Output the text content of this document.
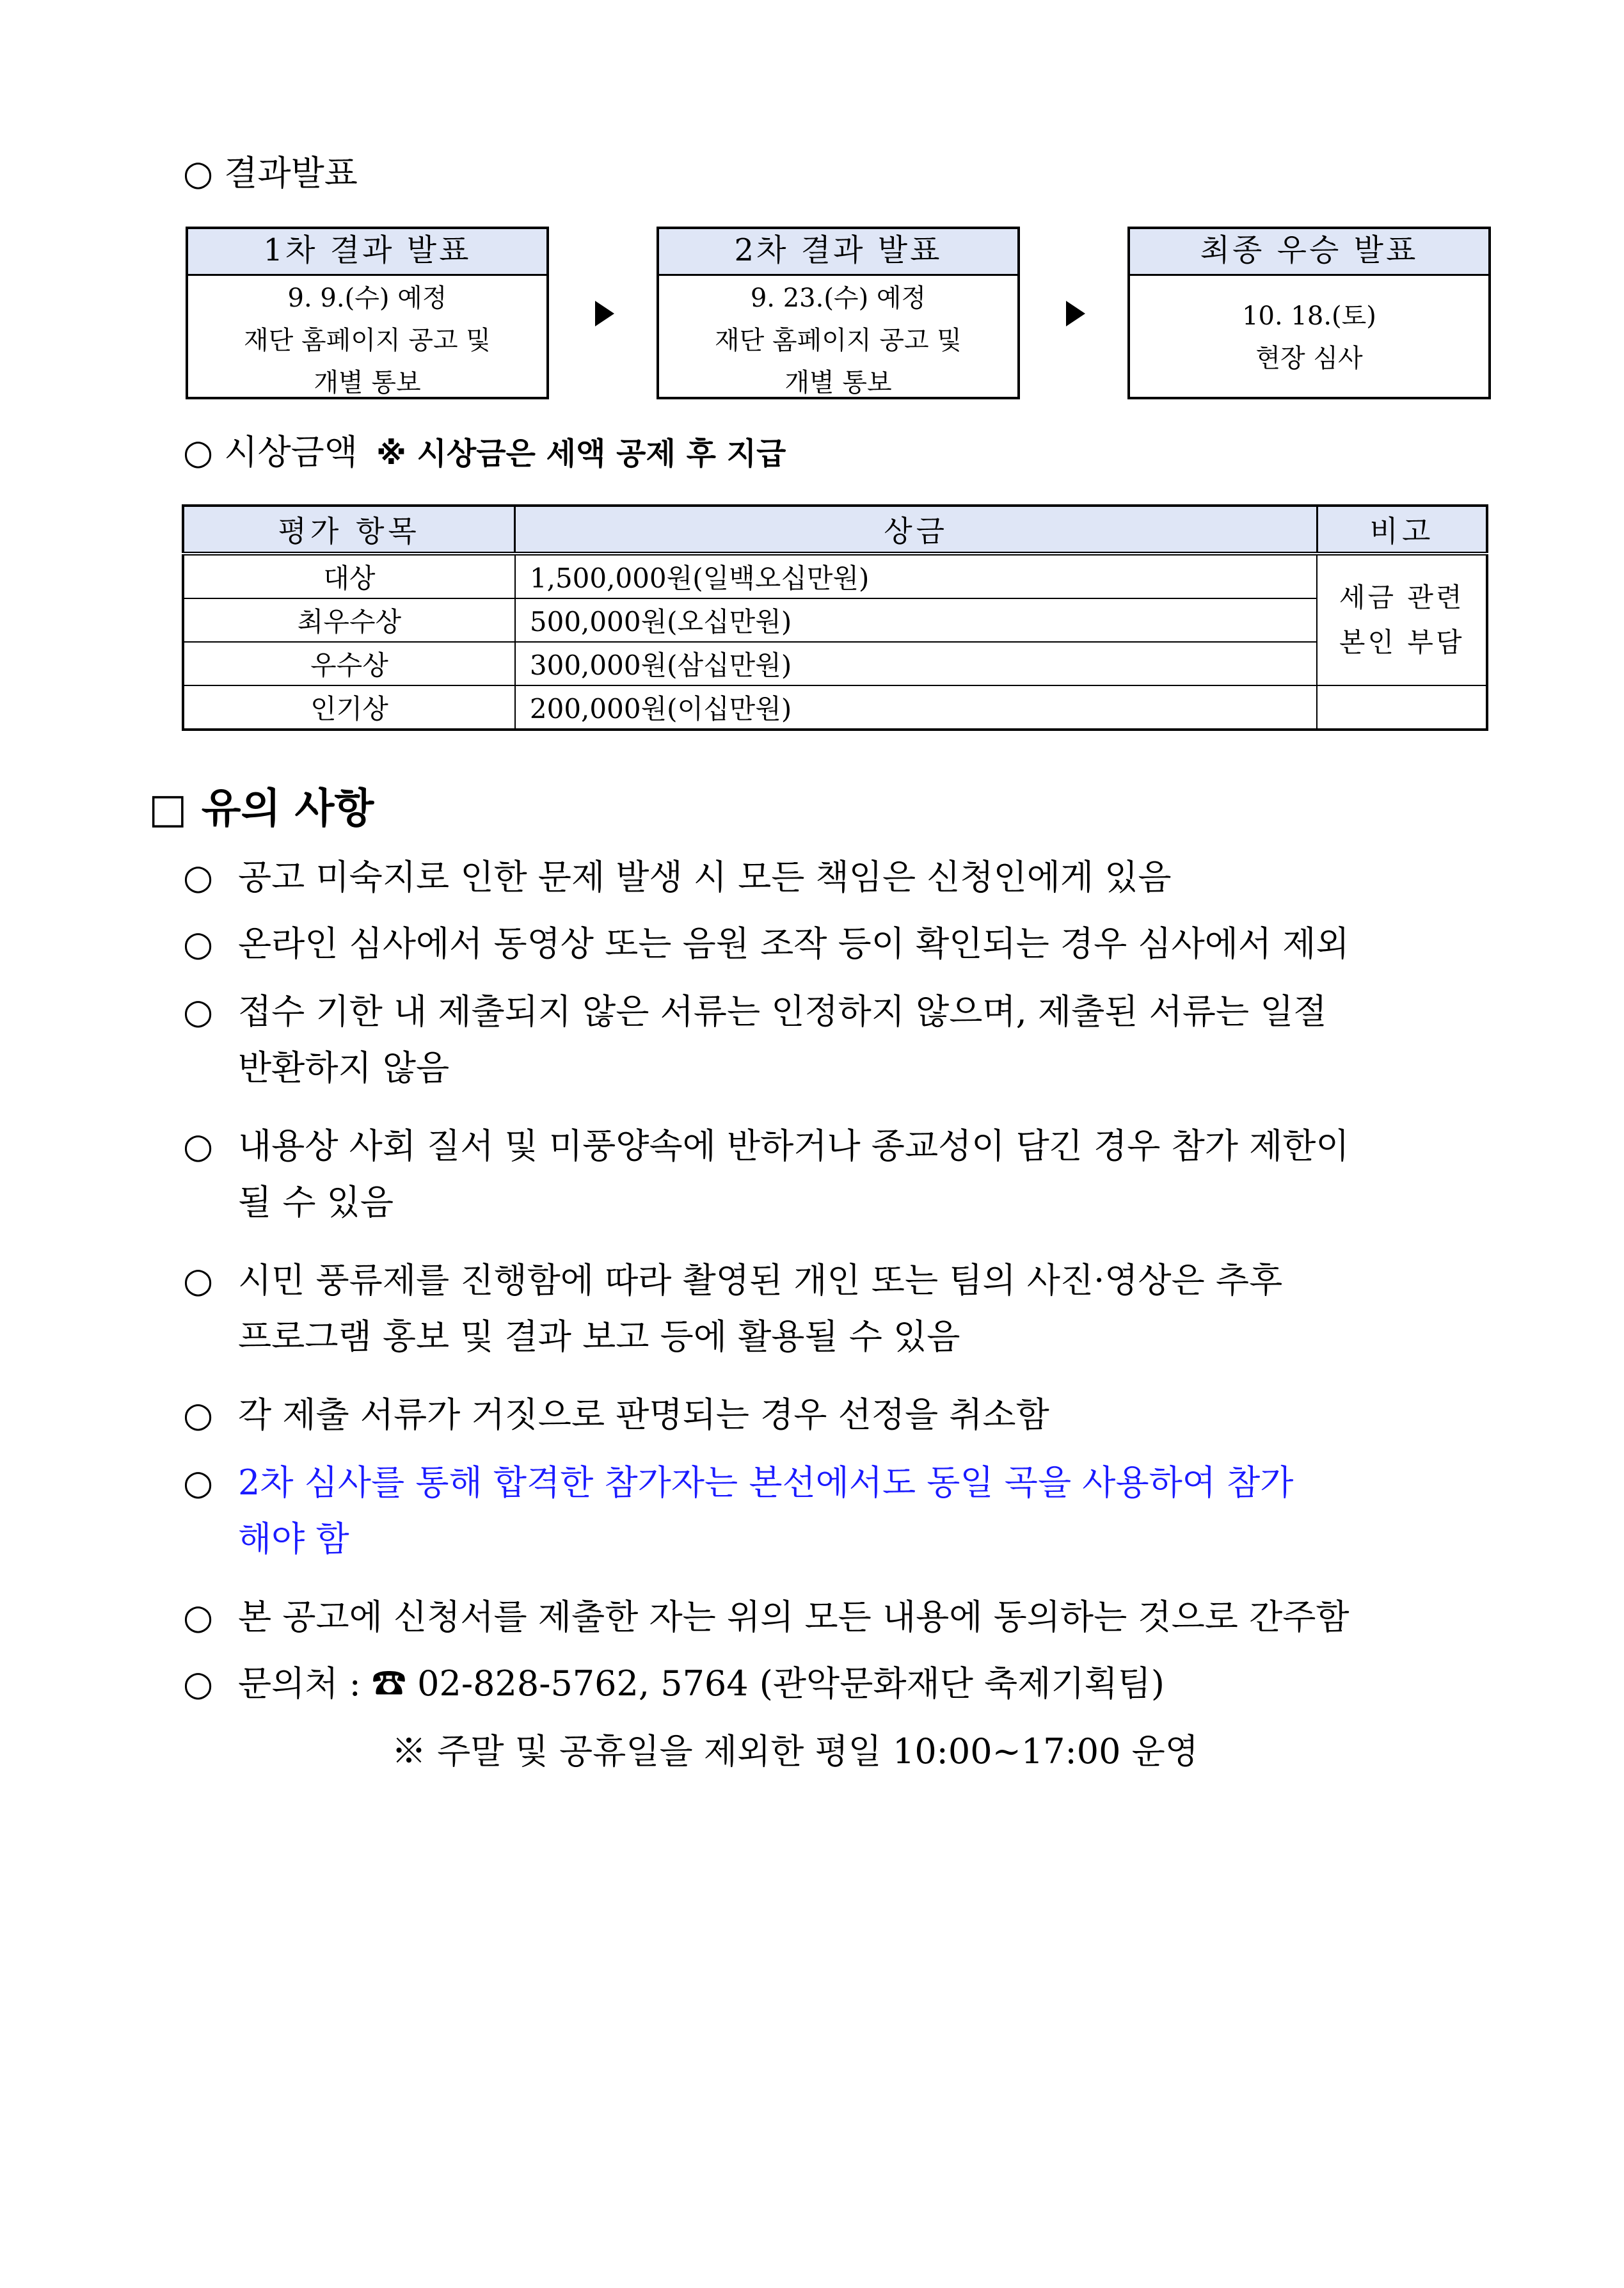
○ 결과발표
1차 결과 발표
9. 9.(수) 예정
재단 홈페이지 공고 및
개별 통보
2차 결과 발표
9. 23.(수) 예정
재단 홈페이지 공고 및
개별 통보
최종 우승 발표
10. 18.(토)
현장 심사
○ 시상금액 ※ 시상금은 세액 공제 후 지급
평가 항목	상금	비고
대상	1,500,000원(일백오십만원)	세금 관련
본인 부담

최우수상	500,000원(오십만원)	
우수상	300,000원(삼십만원)	
인기상	200,000원(이십만원)	
□ 유의 사항
○ 공고 미숙지로 인한 문제 발생 시 모든 책임은 신청인에게 있음
○ 온라인 심사에서 동영상 또는 음원 조작 등이 확인되는 경우 심사에서 제외
○ 접수 기한 내 제출되지 않은 서류는 인정하지 않으며, 제출된 서류는 일절
반환하지 않음
○ 내용상 사회 질서 및 미풍양속에 반하거나 종교성이 담긴 경우 참가 제한이
될 수 있음
○ 시민 풍류제를 진행함에 따라 촬영된 개인 또는 팀의 사진·영상은 추후
프로그램 홍보 및 결과 보고 등에 활용될 수 있음
○ 각 제출 서류가 거짓으로 판명되는 경우 선정을 취소함
○ 2차 심사를 통해 합격한 참가자는 본선에서도 동일 곡을 사용하여 참가
해야 함
○ 본 공고에 신청서를 제출한 자는 위의 모든 내용에 동의하는 것으로 간주함
○ 문의처 : ☎ 02-828-5762, 5764 (관악문화재단 축제기획팀)
※ 주말 및 공휴일을 제외한 평일 10:00~17:00 운영
